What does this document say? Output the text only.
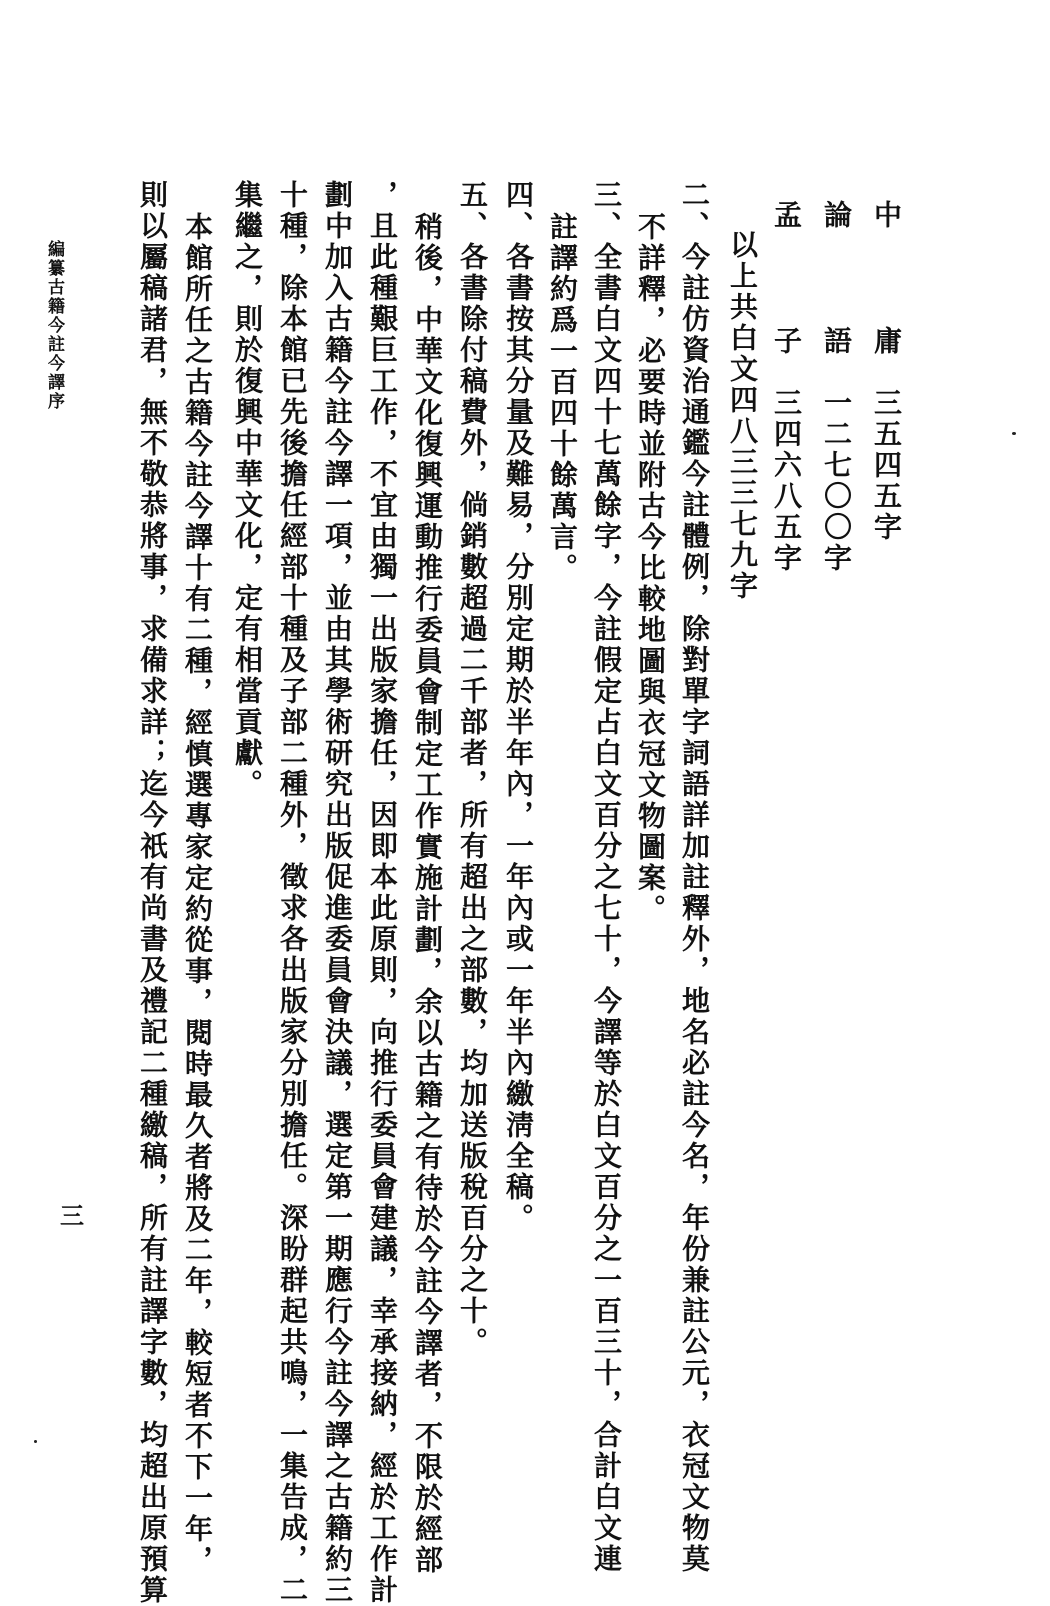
中　　庸
三五四五字
論　　語
一二七〇〇字
孟　　子
三四六八五字
以上共白文四八三三七九字
二、今註仿資治通鑑今註體例，除對單字詞語詳加註釋外，地名必註今名，年份兼註公元，衣冠文物莫
不詳釋，必要時並附古今比較地圖與衣冠文物圖案。
三、全書白文四十七萬餘字，今註假定占白文百分之七十，今譯等於白文百分之一百三十，合計白文連
註譯約爲一百四十餘萬言。
四、各書按其分量及難易，分別定期於半年內，一年內或一年半內繳淸全稿。
五、各書除付稿費外，倘銷數超過二千部者，所有超出之部數，均加送版稅百分之十。
稍後，中華文化復興運動推行委員會制定工作實施計劃，余以古籍之有待於今註今譯者，不限於經部
，且此種艱巨工作，不宜由獨一出版家擔任，因即本此原則，向推行委員會建議，幸承接納，經於工作計
劃中加入古籍今註今譯一項，並由其學術研究出版促進委員會決議，選定第一期應行今註今譯之古籍約三
十種，除本館已先後擔任經部十種及子部二種外，徵求各出版家分別擔任。深盼群起共鳴，一集告成，二
集繼之，則於復興中華文化，定有相當貢獻。
本館所任之古籍今註今譯十有二種，經慎選專家定約從事，閱時最久者將及二年，較短者不下一年，
則以屬稿諸君，無不敬恭將事，求備求詳；迄今祇有尚書及禮記二種繳稿，所有註譯字數，均超出原預算
編纂古籍今註今譯序
三
